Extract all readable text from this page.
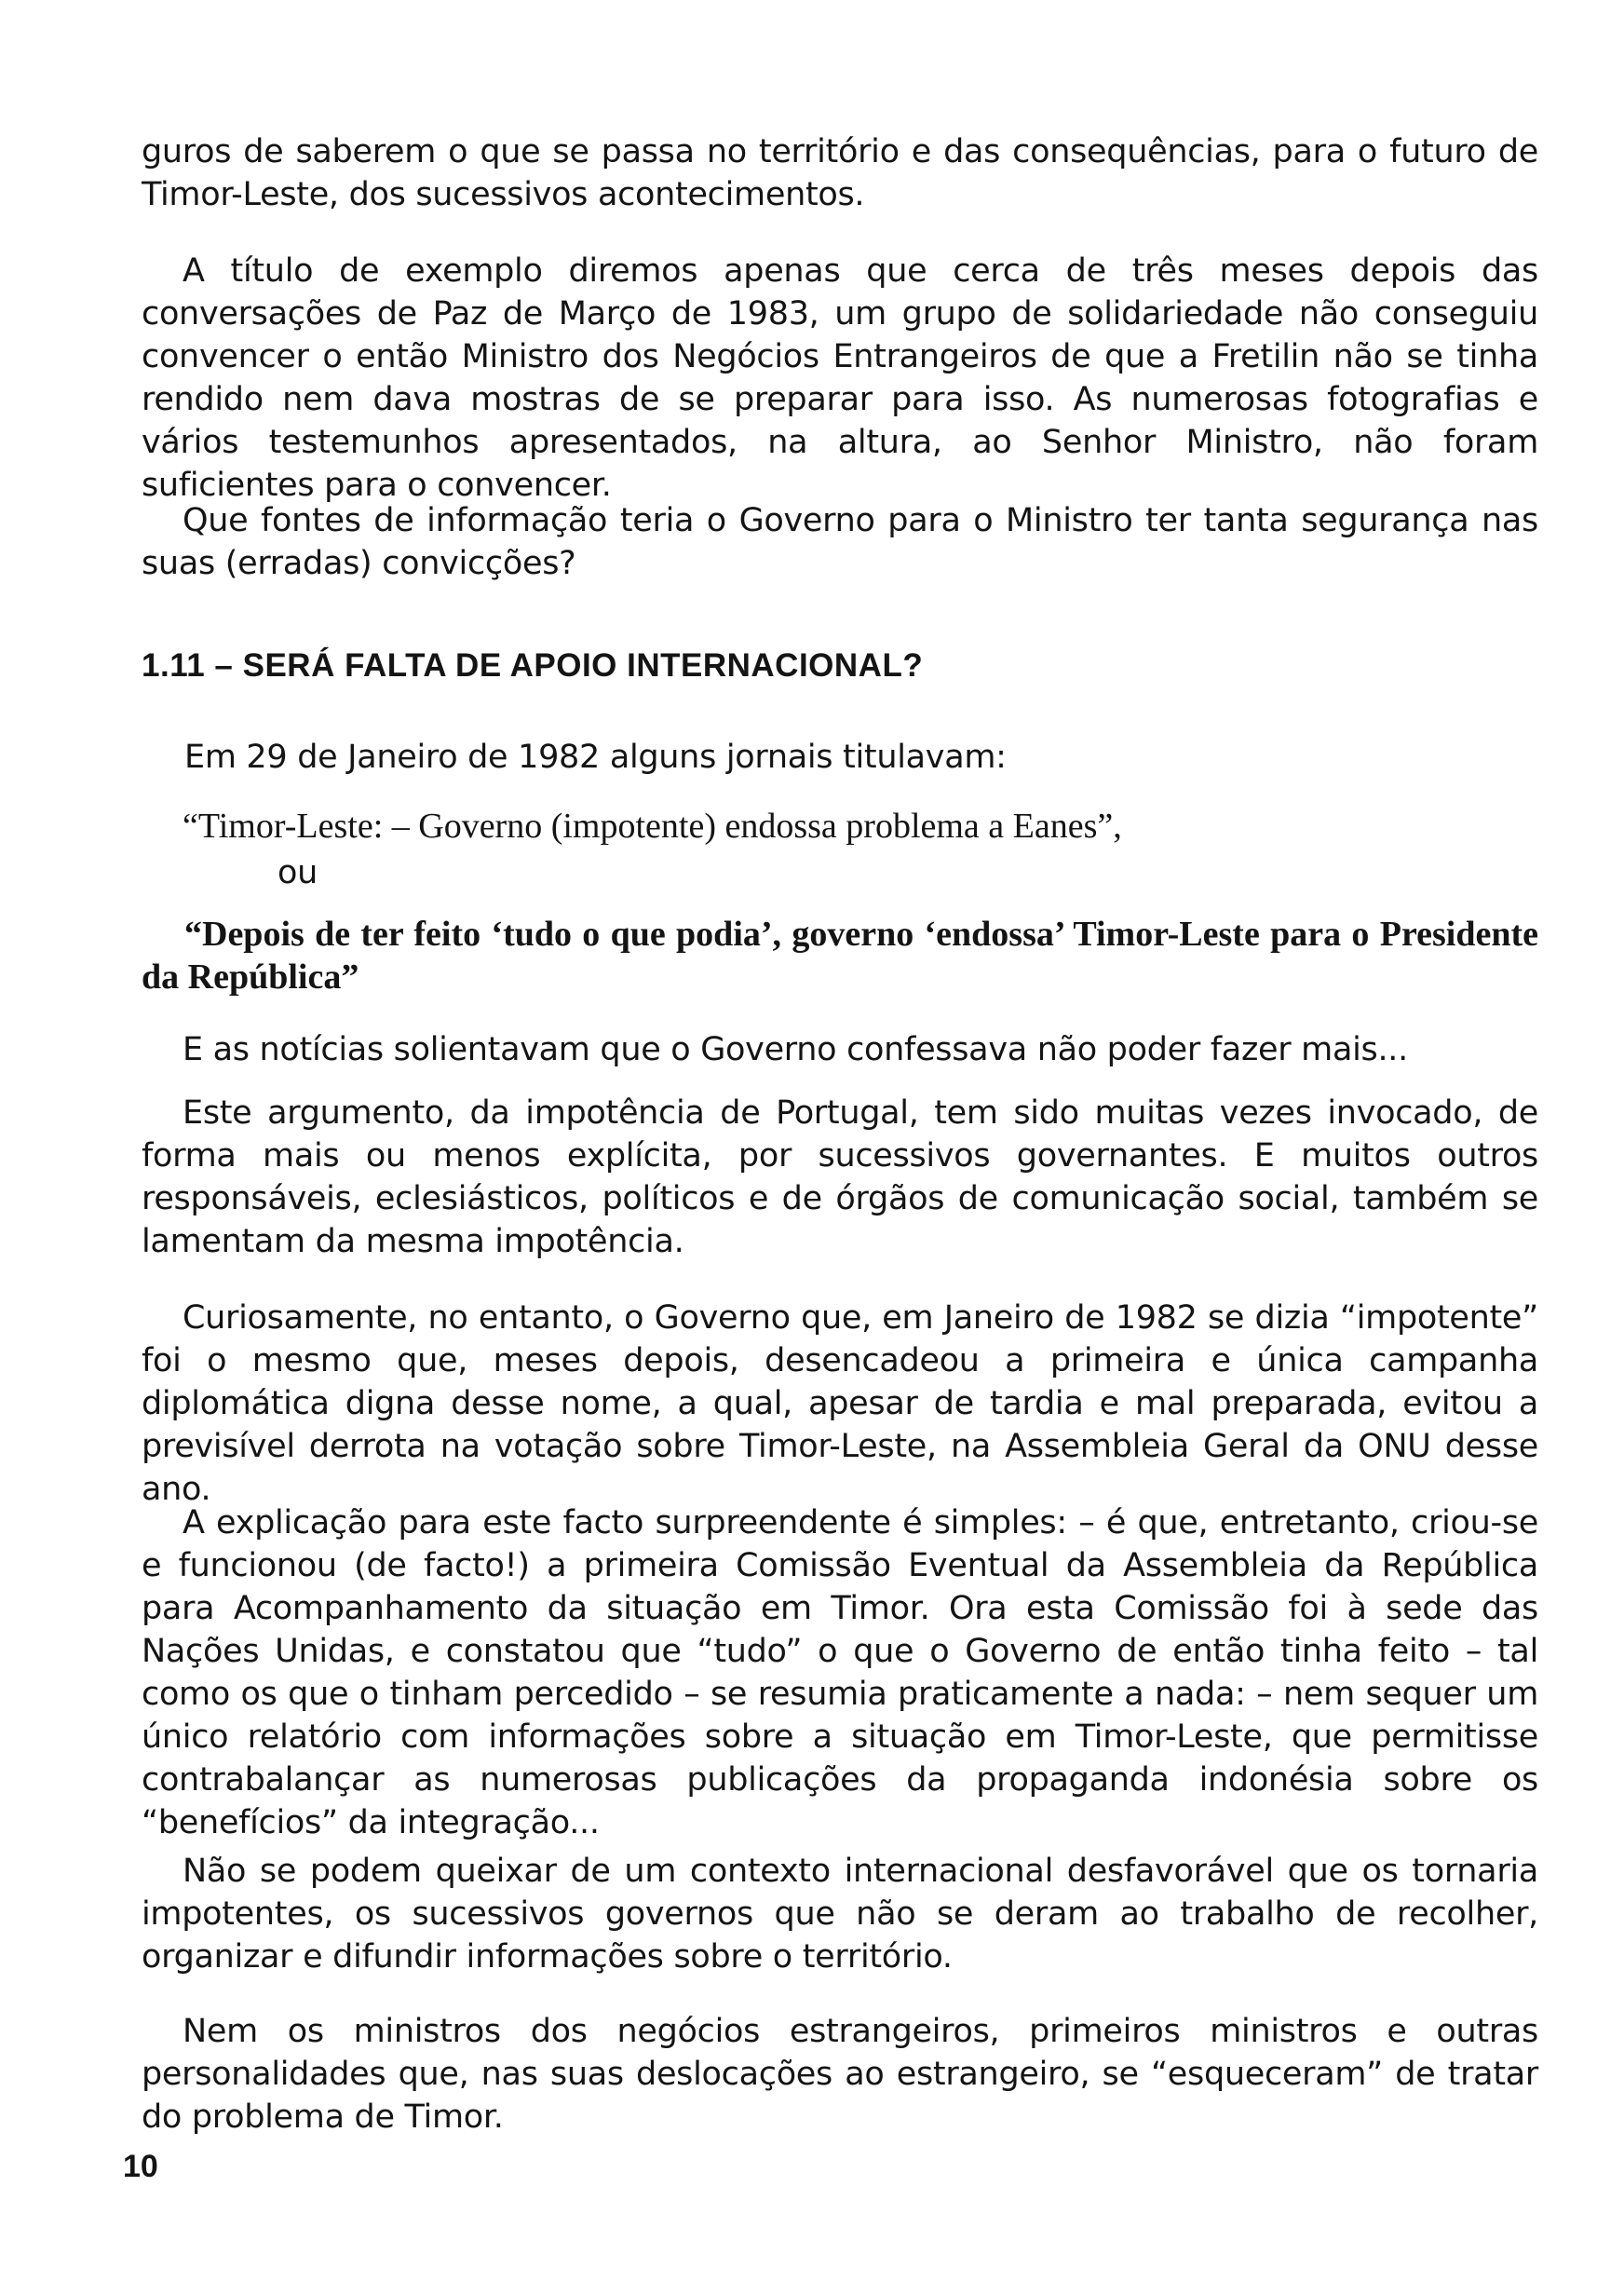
guros de saberem o que se passa no território e das consequências, para o futuro de Timor-Leste, dos sucessivos acontecimentos.

A título de exemplo diremos apenas que cerca de três meses depois das conversações de Paz de Março de 1983, um grupo de solidariedade não conseguiu convencer o então Ministro dos Negócios Entrangeiros de que a Fretilin não se tinha rendido nem dava mostras de se preparar para isso. As numerosas fotografias e vários testemunhos apresentados, na altura, ao Senhor Ministro, não foram suficientes para o convencer.

Que fontes de informação teria o Governo para o Ministro ter tanta segurança nas suas (erradas) convicções?

1.11 – SERÁ FALTA DE APOIO INTERNACIONAL?

Em 29 de Janeiro de 1982 alguns jornais titulavam:

“Timor-Leste: – Governo (impotente) endossa problema a Eanes”,

ou

“Depois de ter feito ‘tudo o que podia’, governo ‘endossa’ Timor-Leste para o Presidente da República”

E as notícias solientavam que o Governo confessava não poder fazer mais...

Este argumento, da impotência de Portugal, tem sido muitas vezes invocado, de forma mais ou menos explícita, por sucessivos governantes. E muitos outros responsáveis, eclesiásticos, políticos e de órgãos de comunicação social, também se lamentam da mesma impotência.

Curiosamente, no entanto, o Governo que, em Janeiro de 1982 se dizia “impotente” foi o mesmo que, meses depois, desencadeou a primeira e única campanha diplomática digna desse nome, a qual, apesar de tardia e mal preparada, evitou a previsível derrota na votação sobre Timor-Leste, na Assembleia Geral da ONU desse ano.

A explicação para este facto surpreendente é simples: – é que, entretanto, criou-se e funcionou (de facto!) a primeira Comissão Eventual da Assembleia da República para Acompanhamento da situação em Timor. Ora esta Comissão foi à sede das Nações Unidas, e constatou que “tudo” o que o Governo de então tinha feito – tal como os que o tinham percedido – se resumia praticamente a nada: – nem sequer um único relatório com informações sobre a situação em Timor-Leste, que permitisse contrabalançar as numerosas publicações da propaganda indonésia sobre os “benefícios” da integração...

Não se podem queixar de um contexto internacional desfavorável que os tornaria impotentes, os sucessivos governos que não se deram ao trabalho de recolher, organizar e difundir informações sobre o território.

Nem os ministros dos negócios estrangeiros, primeiros ministros e outras personalidades que, nas suas deslocações ao estrangeiro, se “esqueceram” de tratar do problema de Timor.

10
